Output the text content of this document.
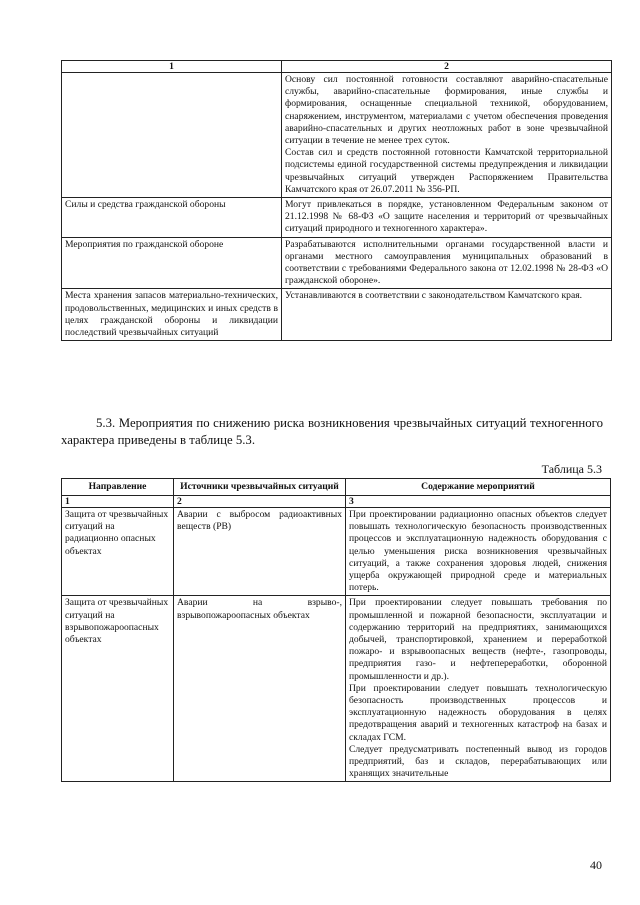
1	2

	Основу сил постоянной готовности составляют аварийно-спасательные службы, аварийно-спасательные формирования, иные службы и формирования, оснащенные специальной техникой, оборудованием, снаряжением, инструментом, материалами с учетом обеспечения проведения аварийно-спасательных и других неотложных работ в зоне чрезвычайной ситуации в течение не менее трех суток.
Состав сил и средств постоянной готовности Камчатской территориальной подсистемы единой государственной системы предупреждения и ликвидации чрезвычайных ситуаций утвержден Распоряжением Правительства Камчатского края от 26.07.2011 № 356-РП.

Силы и средства гражданской обороны	Могут привлекаться в порядке, установленном Федеральным законом от 21.12.1998 № 68-ФЗ «О защите населения и территорий от чрезвычайных ситуаций природного и техногенного характера».

Мероприятия по гражданской обороне	Разрабатываются исполнительными органами государственной власти и органами местного самоуправления муниципальных образований в соответствии с требованиями Федерального закона от 12.02.1998 № 28-ФЗ «О гражданской обороне».

Места хранения запасов материально-технических, продовольственных, медицинских и иных средств в целях гражданской обороны и ликвидации последствий чрезвычайных ситуаций	Устанавливаются в соответствии с законодательством Камчатского края.

5.3. Мероприятия по снижению риска возникновения чрезвычайных ситуаций техногенного характера приведены в таблице 5.3.

Таблица 5.3

Направление	Источники чрезвычайных ситуаций	Содержание мероприятий
1	2	3
Защита от чрезвычайных ситуаций на радиационно опасных объектах	Аварии с выбросом радиоактивных веществ (РВ)	При проектировании радиационно опасных объектов следует повышать технологическую безопасность производственных процессов и эксплуатационную надежность оборудования с целью уменьшения риска возникновения чрезвычайных ситуаций, а также сохранения здоровья людей, снижения ущерба окружающей природной среде и материальных потерь.

Защита от чрезвычайных ситуаций на взрывопожароопасных объектах	Аварии на взрыво-, взрывопожароопасных объектах	При проектировании следует повышать требования по промышленной и пожарной безопасности, эксплуатации и содержанию территорий на предприятиях, занимающихся добычей, транспортировкой, хранением и переработкой пожаро- и взрывоопасных веществ (нефте-, газопроводы, предприятия газо- и нефтепереработки, оборонной промышленности и др.).
При проектировании следует повышать технологическую безопасность производственных процессов и эксплуатационную надежность оборудования в целях предотвращения аварий и техногенных катастроф на базах и складах ГСМ.
Следует предусматривать постепенный вывод из городов предприятий, баз и складов, перерабатывающих или хранящих значительные

40
